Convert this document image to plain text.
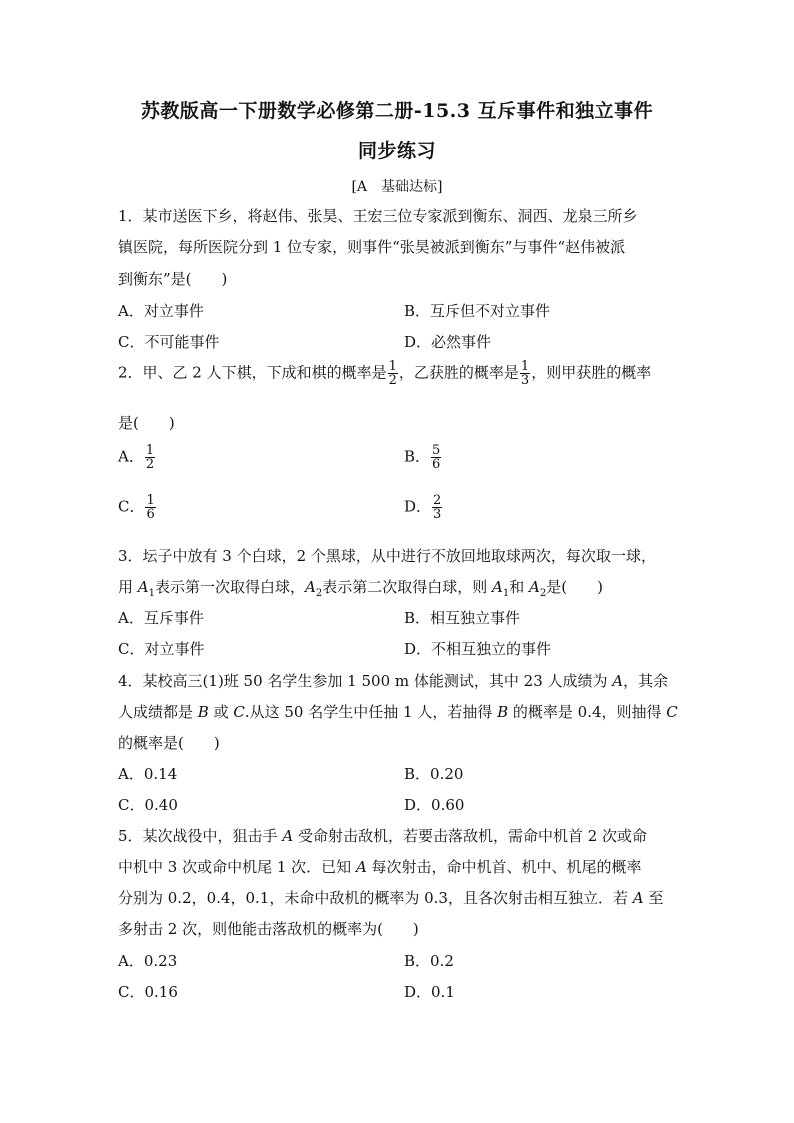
苏教版高一下册数学必修第二册-15.3 互斥事件和独立事件
同步练习
[A　基础达标]
1．某市送医下乡，将赵伟、张昊、王宏三位专家派到衡东、洞西、龙泉三所乡
镇医院，每所医院分到 1 位专家，则事件“张昊被派到衡东”与事件“赵伟被派
到衡东”是(　　)
A．对立事件	B．互斥但不对立事件
C．不可能事件	D．必然事件
2．甲、乙 2 人下棋，下成和棋的概率是 $\frac{1}{2}$ ，乙获胜的概率是 $\frac{1}{3}$ ，则甲获胜的概率
是(　　)
A． $\frac{1}{2}$	B． $\frac{5}{6}$
C． $\frac{1}{6}$	D． $\frac{2}{3}$
3．坛子中放有 3 个白球，2 个黑球，从中进行不放回地取球两次，每次取一球，
用 $A_1$表示第一次取得白球，$A_2$表示第二次取得白球，则 $A_1$和 $A_2$是(　　)
A．互斥事件	B．相互独立事件
C．对立事件	D．不相互独立的事件
4．某校高三(1)班 50 名学生参加 1 500 m 体能测试，其中 23 人成绩为 A，其余
人成绩都是 B 或 C.从这 50 名学生中任抽 1 人，若抽得 B 的概率是 0.4，则抽得 C
的概率是(　　)
A．0.14	B．0.20
C．0.40	D．0.60
5．某次战役中，狙击手 A 受命射击敌机，若要击落敌机，需命中机首 2 次或命
中机中 3 次或命中机尾 1 次．已知 A 每次射击，命中机首、机中、机尾的概率
分别为 0.2，0.4，0.1，未命中敌机的概率为 0.3，且各次射击相互独立．若 A 至
多射击 2 次，则他能击落敌机的概率为(　　)
A．0.23	B．0.2
C．0.16	D．0.1
